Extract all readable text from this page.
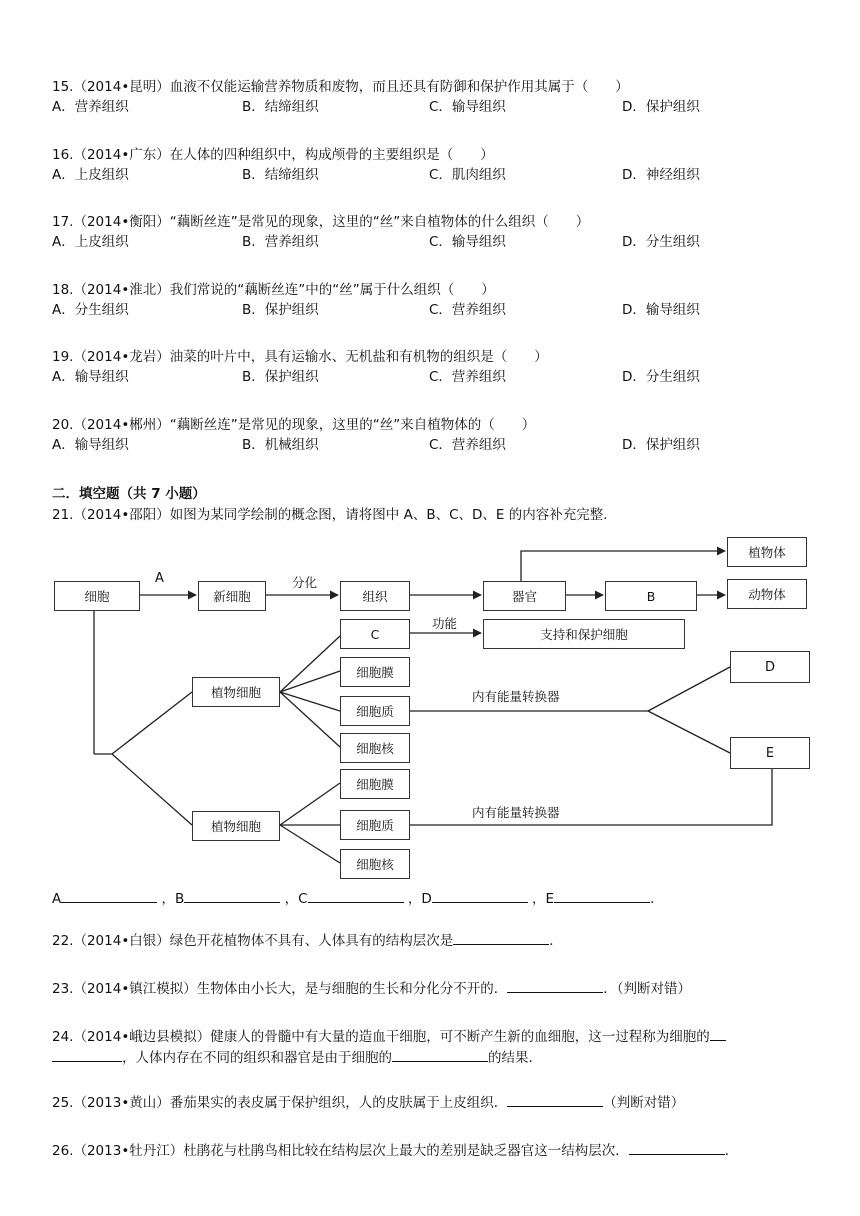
15.（2014•昆明）血液不仅能运输营养物质和废物，而且还具有防御和保护作用其属于（　　）
A．营养组织	B．结缔组织	C．输导组织	D．保护组织
16.（2014•广东）在人体的四种组织中，构成颅骨的主要组织是（　　）
A．上皮组织	B．结缔组织	C．肌肉组织	D．神经组织
17.（2014•衡阳）“藕断丝连”是常见的现象，这里的“丝”来自植物体的什么组织（　　）
A．上皮组织	B．营养组织	C．输导组织	D．分生组织
18.（2014•淮北）我们常说的“藕断丝连”中的“丝”属于什么组织（　　）
A．分生组织	B．保护组织	C．营养组织	D．输导组织
19.（2014•龙岩）油菜的叶片中，具有运输水、无机盐和有机物的组织是（　　）
A．输导组织	B．保护组织	C．营养组织	D．分生组织
20.（2014•郴州）“藕断丝连”是常见的现象，这里的“丝”来自植物体的（　　）
A．输导组织	B．机械组织	C．营养组织	D．保护组织
二．填空题（共 7 小题）
21.（2014•邵阳）如图为某同学绘制的概念图，请将图中 A、B、C、D、E 的内容补充完整．
细胞	新细胞	组织	器官	B
植物体
动物体
A	分化
C
功能
支持和保护细胞
植物细胞
细胞膜
细胞质
细胞核
内有能量转换器
D
E
植物细胞
细胞膜
细胞质
细胞核
内有能量转换器
A	，B	，C	，D	，E	．
22.（2014•白银）绿色开花植物体不具有、人体具有的结构层次是	．
23.（2014•镇江模拟）生物体由小长大，是与细胞的生长和分化分不开的．	．（判断对错）
24.（2014•峨边县模拟）健康人的骨髓中有大量的造血干细胞，可不断产生新的血细胞，这一过程称为细胞的
，人体内存在不同的组织和器官是由于细胞的	的结果．
25.（2013•黄山）番茄果实的表皮属于保护组织，人的皮肤属于上皮组织．	（判断对错）
26.（2013•牡丹江）杜鹃花与杜鹃鸟相比较在结构层次上最大的差别是缺乏器官这一结构层次．	．
